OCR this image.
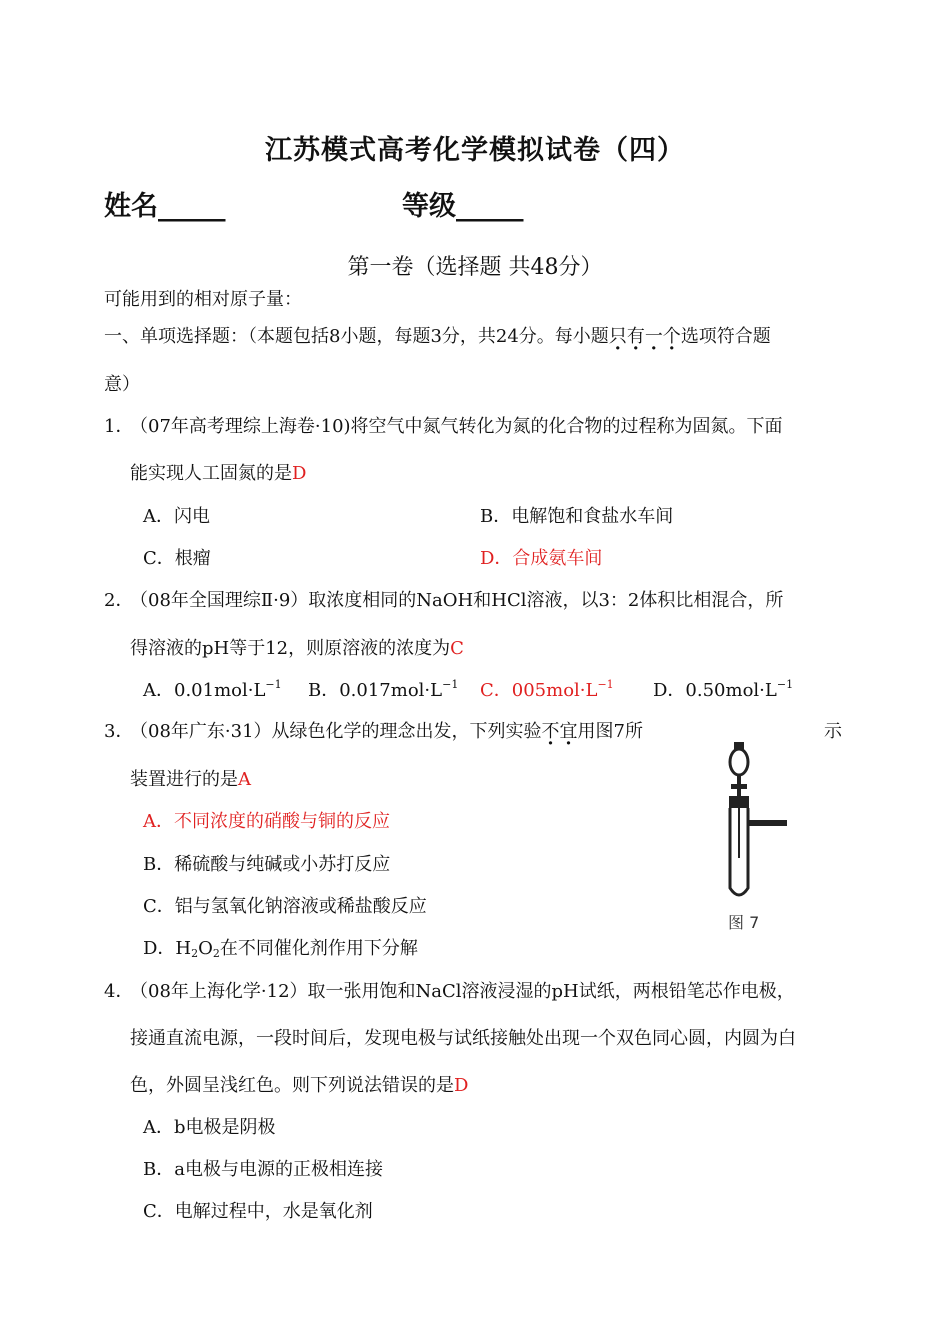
江苏模式高考化学模拟试卷（四）
姓名_____	等级_____
第一卷（选择题 共48分）
可能用到的相对原子量：
一、单项选择题：（本题包括8小题，每题3分，共24分。每小题只有一个选项符合题
意）
1．
（07年高考理综上海卷·10)将空气中氮气转化为氮的化合物的过程称为固氮。下面
能实现人工固氮的是D
A．闪电	B．电解饱和食盐水车间
C．根瘤	D．合成氨车间
2．
（08年全国理综Ⅱ·9）取浓度相同的NaOH和HCl溶液，以3：2体积比相混合，所
得溶液的pH等于12，则原溶液的浓度为C
A．$0.01mol\cdot L^{-1}$ B．$0.017mol\cdot L^{-1}$ C．$005mol\cdot L^{-1}$ D．$0.50mol\cdot L^{-1}$
3．
（08年广东·31）从绿色化学的理念出发，下列实验不宜用图7所	示
装置进行的是A
A．不同浓度的硝酸与铜的反应
B．稀硫酸与纯碱或小苏打反应
C．铝与氢氧化钠溶液或稀盐酸反应
D．$H_2O_2$在不同催化剂作用下分解
图 7
4．
（08年上海化学·12）取一张用饱和NaCl溶液浸湿的pH试纸，两根铅笔芯作电极，
接通直流电源，一段时间后，发现电极与试纸接触处出现一个双色同心圆，内圆为白
色，外圆呈浅红色。则下列说法错误的是D
A．b电极是阴极
B．a电极与电源的正极相连接
C．电解过程中，水是氧化剂
